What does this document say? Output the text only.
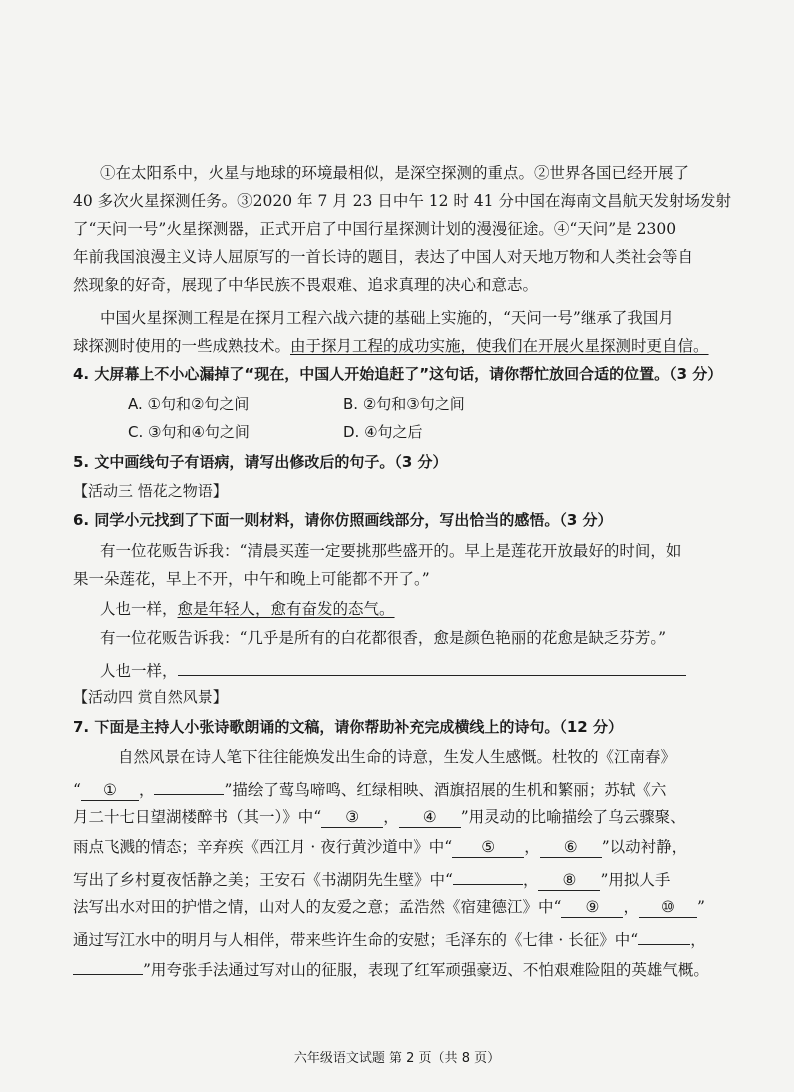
①在太阳系中，火星与地球的环境最相似，是深空探测的重点。②世界各国已经开展了
40 多次火星探测任务。③2020 年 7 月 23 日中午 12 时 41 分中国在海南文昌航天发射场发射
了“天问一号”火星探测器，正式开启了中国行星探测计划的漫漫征途。④“天问”是 2300
年前我国浪漫主义诗人屈原写的一首长诗的题目，表达了中国人对天地万物和人类社会等自
然现象的好奇，展现了中华民族不畏艰难、追求真理的决心和意志。
中国火星探测工程是在探月工程六战六捷的基础上实施的，“天问一号”继承了我国月
球探测时使用的一些成熟技术。由于探月工程的成功实施，使我们在开展火星探测时更自信。
4. 大屏幕上不小心漏掉了“现在，中国人开始追赶了”这句话，请你帮忙放回合适的位置。（3 分）
A. ①句和②句之间	B. ②句和③句之间
C. ③句和④句之间	D. ④句之后
5. 文中画线句子有语病，请写出修改后的句子。（3 分）
【活动三 悟花之物语】
6. 同学小元找到了下面一则材料，请你仿照画线部分，写出恰当的感悟。（3 分）
有一位花贩告诉我：“清晨买莲一定要挑那些盛开的。早上是莲花开放最好的时间，如
果一朵莲花，早上不开，中午和晚上可能都不开了。”
人也一样，愈是年轻人，愈有奋发的态气。
有一位花贩告诉我：“几乎是所有的白花都很香，愈是颜色艳丽的花愈是缺乏芬芳。”
人也一样，
【活动四 赏自然风景】
7. 下面是主持人小张诗歌朗诵的文稿，请你帮助补充完成横线上的诗句。（12 分）
自然风景在诗人笔下往往能焕发出生命的诗意，生发人生感慨。杜牧的《江南春》
“ ① ，	”描绘了莺鸟啼鸣、红绿相映、酒旗招展的生机和繁丽；苏轼《六
月二十七日望湖楼醉书（其一）》中“ ③ ， ④ ”用灵动的比喻描绘了乌云骤聚、
雨点飞溅的情态；辛弃疾《西江月 · 夜行黄沙道中》中“ ⑤ ， ⑥ ”以动衬静，
写出了乡村夏夜恬静之美；王安石《书湖阴先生壁》中“	， ⑧ ”用拟人手
法写出水对田的护惜之情，山对人的友爱之意；孟浩然《宿建德江》中“ ⑨ ， ⑩ ”
通过写江水中的明月与人相伴，带来些许生命的安慰；毛泽东的《七律 · 长征》中“	，
”用夸张手法通过写对山的征服，表现了红军顽强豪迈、不怕艰难险阻的英雄气概。
六年级语文试题 第 2 页（共 8 页）
